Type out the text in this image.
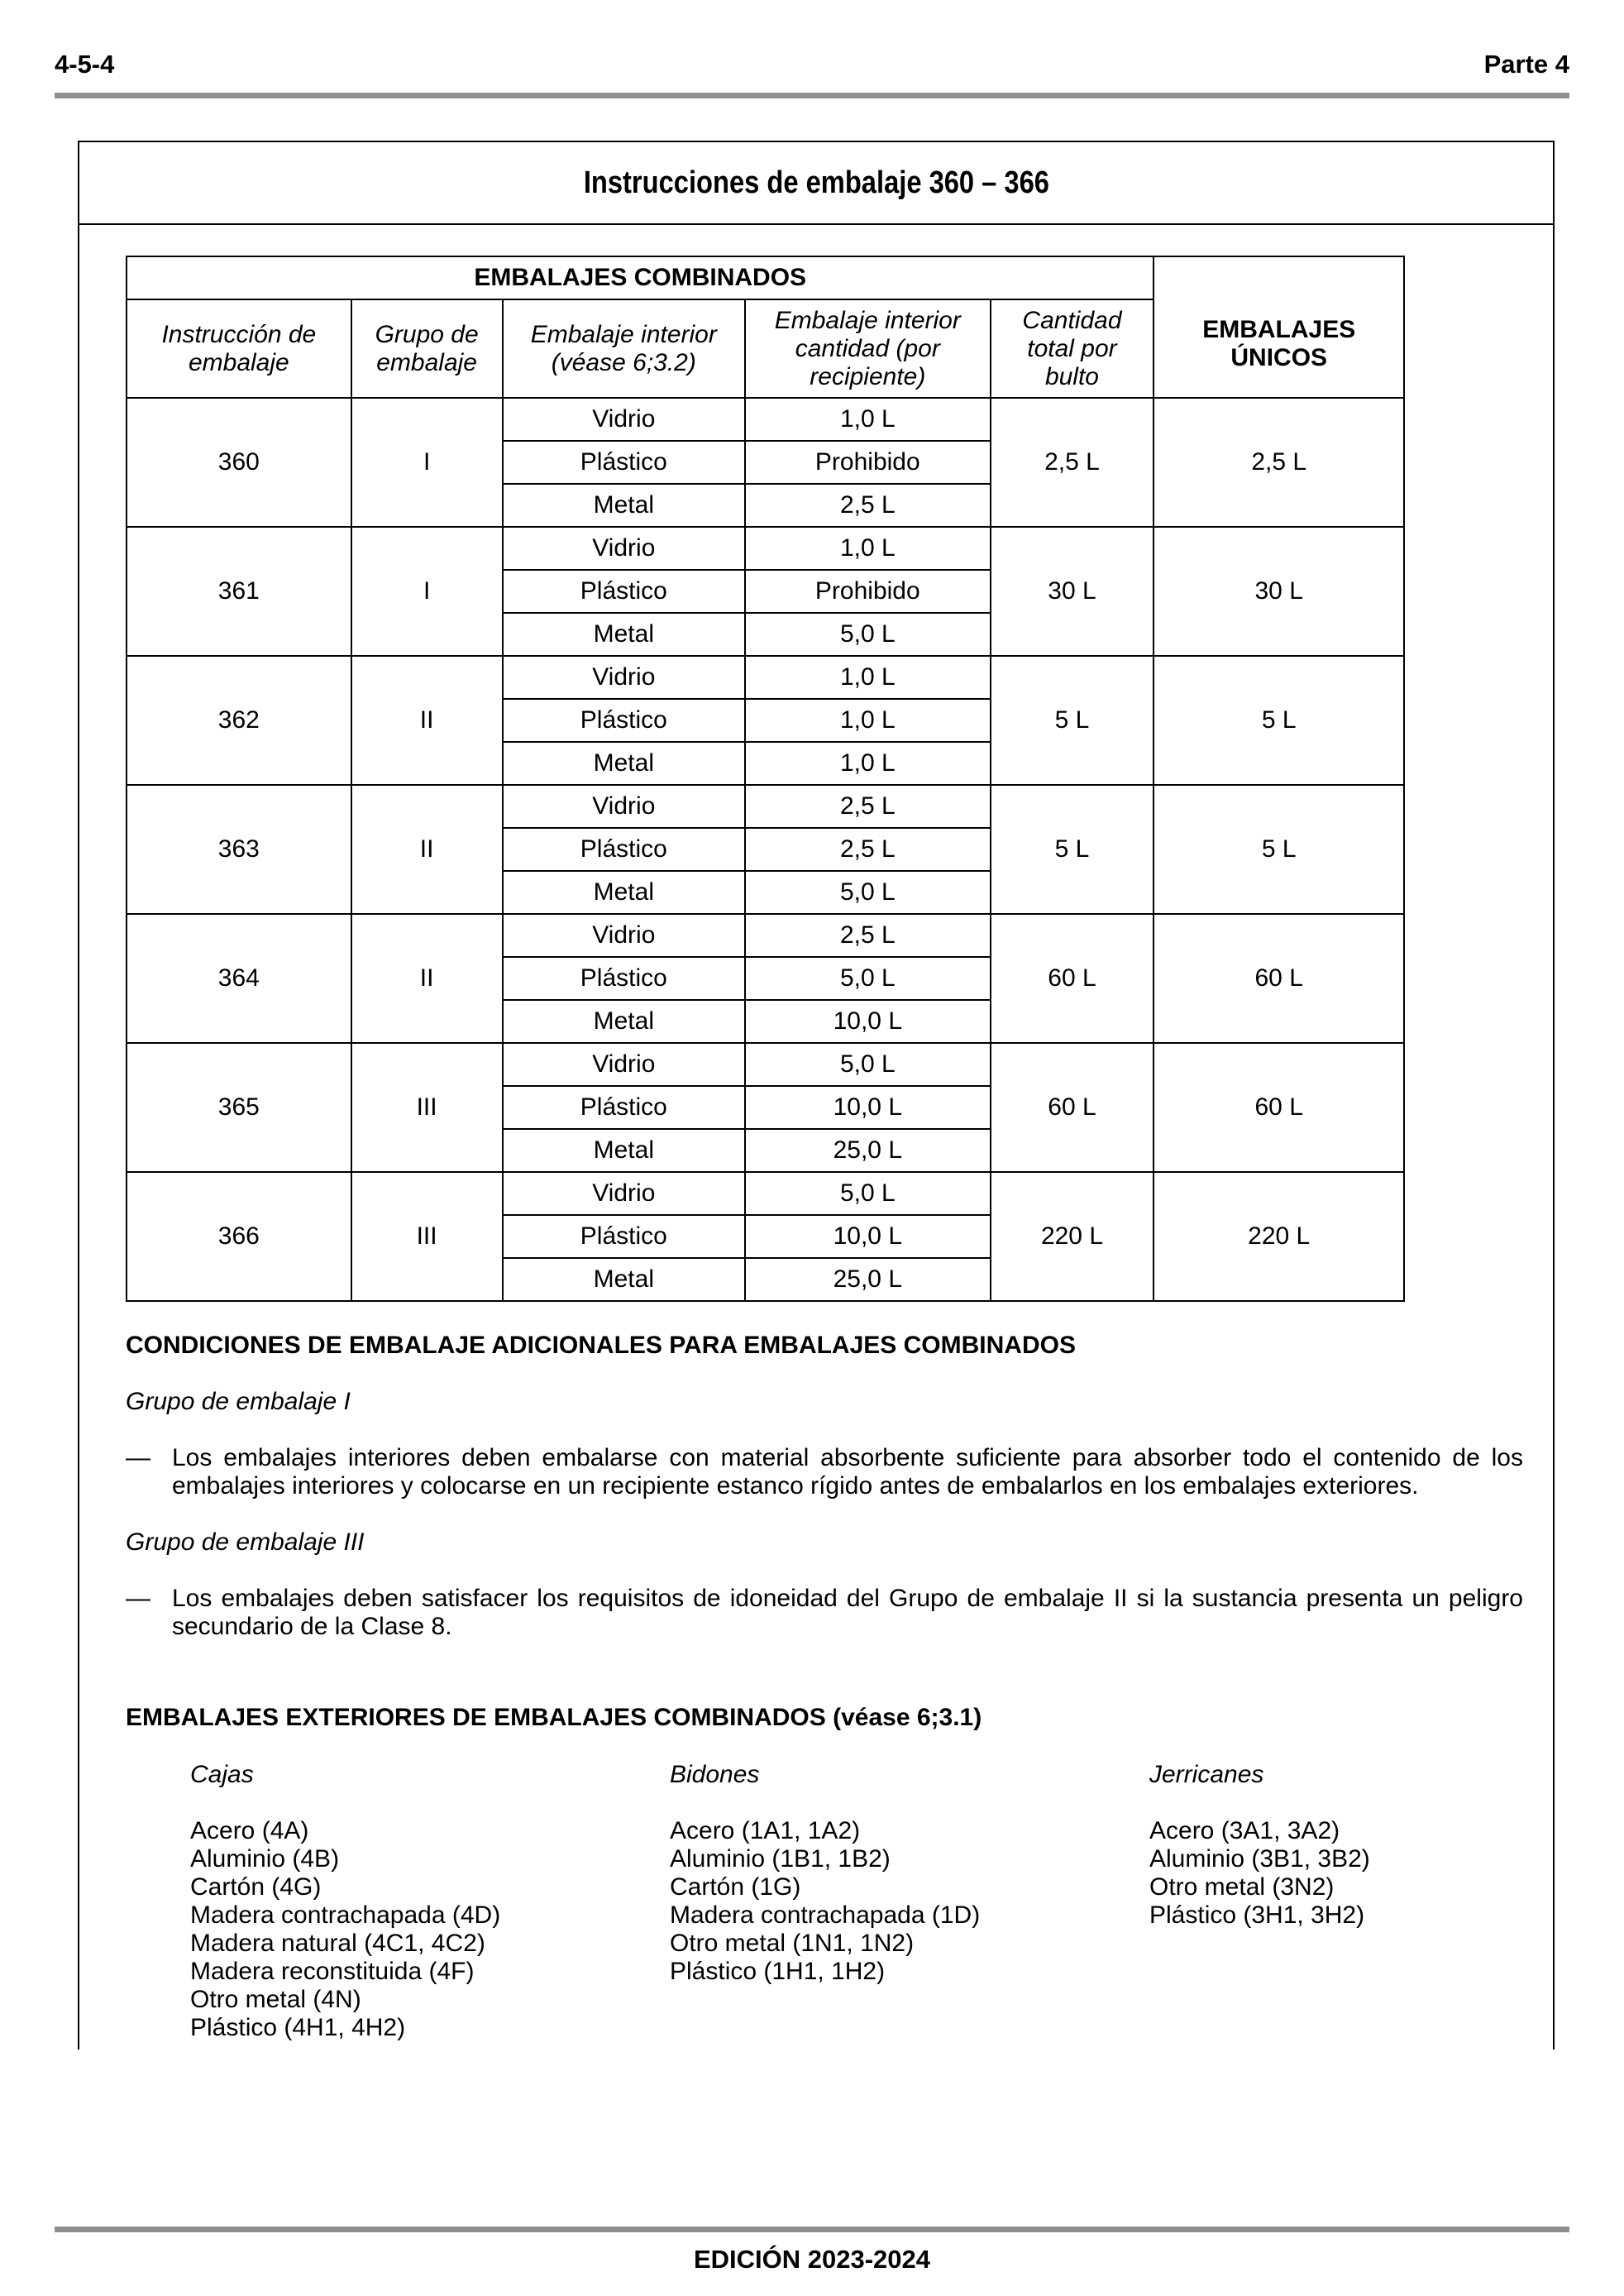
4-5-4	Parte 4
Instrucciones de embalaje 360 – 366
EMBALAJES COMBINADOS					EMBALAJES ÚNICOS
Instrucción de embalaje	Grupo de embalaje	Embalaje interior (véase 6;3.2)	Embalaje interior cantidad (por recipiente)	Cantidad total por bulto	
360	I	Vidrio	1,0 L	2,5 L	2,5 L
		Plástico	Prohibido		
		Metal	2,5 L		
361	I	Vidrio	1,0 L	30 L	30 L
		Plástico	Prohibido		
		Metal	5,0 L		
362	II	Vidrio	1,0 L	5 L	5 L
		Plástico	1,0 L		
		Metal	1,0 L		
363	II	Vidrio	2,5 L	5 L	5 L
		Plástico	2,5 L		
		Metal	5,0 L		
364	II	Vidrio	2,5 L	60 L	60 L
		Plástico	5,0 L		
		Metal	10,0 L		
365	III	Vidrio	5,0 L	60 L	60 L
		Plástico	10,0 L		
		Metal	25,0 L		
366	III	Vidrio	5,0 L	220 L	220 L
		Plástico	10,0 L		
		Metal	25,0 L		
CONDICIONES DE EMBALAJE ADICIONALES PARA EMBALAJES COMBINADOS
Grupo de embalaje I
— Los embalajes interiores deben embalarse con material absorbente suficiente para absorber todo el contenido de los embalajes interiores y colocarse en un recipiente estanco rígido antes de embalarlos en los embalajes exteriores.
Grupo de embalaje III
— Los embalajes deben satisfacer los requisitos de idoneidad del Grupo de embalaje II si la sustancia presenta un peligro secundario de la Clase 8.
EMBALAJES EXTERIORES DE EMBALAJES COMBINADOS (véase 6;3.1)
Cajas
Acero (4A)
Aluminio (4B)
Cartón (4G)
Madera contrachapada (4D)
Madera natural (4C1, 4C2)
Madera reconstituida (4F)
Otro metal (4N)
Plástico (4H1, 4H2)
Bidones
Acero (1A1, 1A2)
Aluminio (1B1, 1B2)
Cartón (1G)
Madera contrachapada (1D)
Otro metal (1N1, 1N2)
Plástico (1H1, 1H2)
Jerricanes
Acero (3A1, 3A2)
Aluminio (3B1, 3B2)
Otro metal (3N2)
Plástico (3H1, 3H2)
EDICIÓN 2023-2024
